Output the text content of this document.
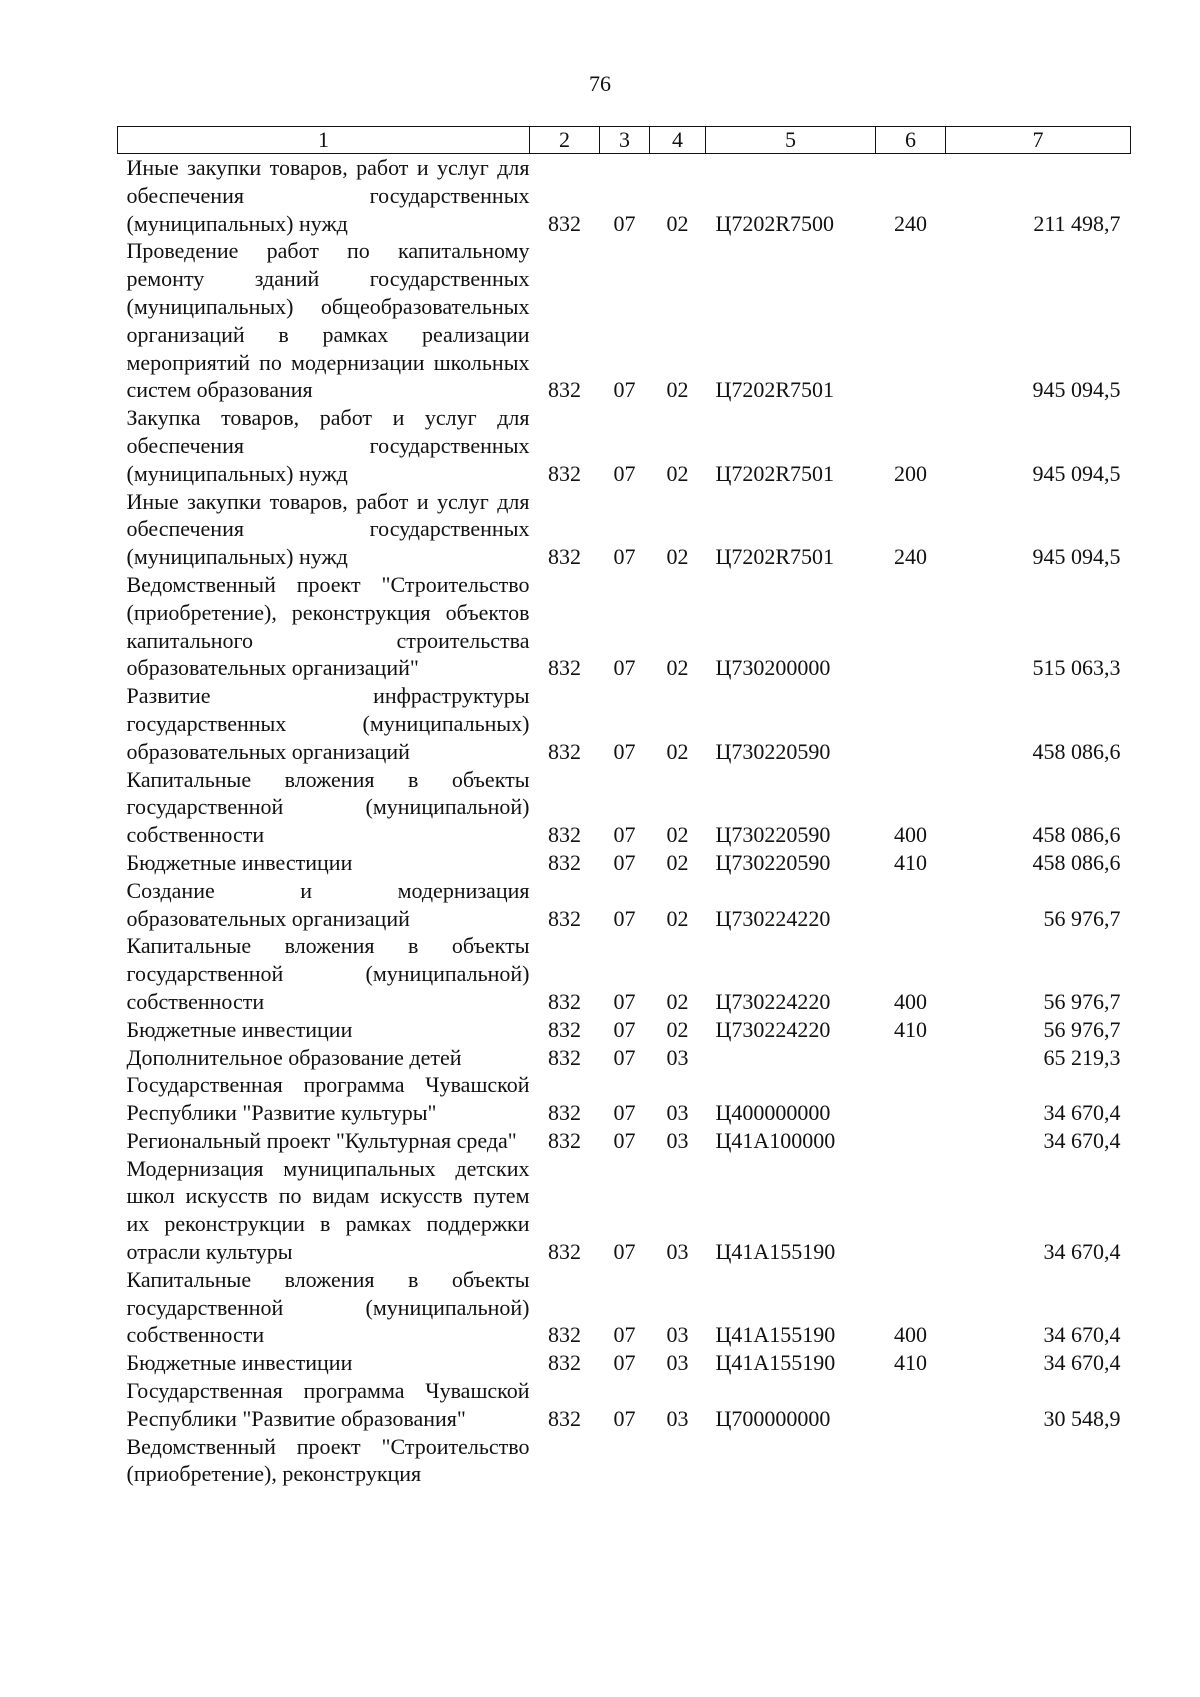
76
1	2	3	4	5	6	7
Иные закупки товаров, работ и услуг для обеспечения государственных (муниципальных) нужд	832	07	02	Ц7202R7500	240	211 498,7
Проведение работ по капитальному ремонту зданий государственных (муниципальных) общеобразовательных организаций в рамках реализации мероприятий по модернизации школьных систем образования	832	07	02	Ц7202R7501		945 094,5
Закупка товаров, работ и услуг для обеспечения государственных (муниципальных) нужд	832	07	02	Ц7202R7501	200	945 094,5
Иные закупки товаров, работ и услуг для обеспечения государственных (муниципальных) нужд	832	07	02	Ц7202R7501	240	945 094,5
Ведомственный проект "Строительство (приобретение), реконструкция объектов капитального строительства образовательных организаций"	832	07	02	Ц730200000		515 063,3
Развитие инфраструктуры государственных (муниципальных) образовательных организаций	832	07	02	Ц730220590		458 086,6
Капитальные вложения в объекты государственной (муниципальной) собственности	832	07	02	Ц730220590	400	458 086,6
Бюджетные инвестиции	832	07	02	Ц730220590	410	458 086,6
Создание и модернизация образовательных организаций	832	07	02	Ц730224220		56 976,7
Капитальные вложения в объекты государственной (муниципальной) собственности	832	07	02	Ц730224220	400	56 976,7
Бюджетные инвестиции	832	07	02	Ц730224220	410	56 976,7
Дополнительное образование детей	832	07	03			65 219,3
Государственная программа Чувашской Республики "Развитие культуры"	832	07	03	Ц400000000		34 670,4
Региональный проект "Культурная среда"	832	07	03	Ц41А100000		34 670,4
Модернизация муниципальных детских школ искусств по видам искусств путем их реконструкции в рамках поддержки отрасли культуры	832	07	03	Ц41А155190		34 670,4
Капитальные вложения в объекты государственной (муниципальной) собственности	832	07	03	Ц41А155190	400	34 670,4
Бюджетные инвестиции	832	07	03	Ц41А155190	410	34 670,4
Государственная программа Чувашской Республики "Развитие образования"	832	07	03	Ц700000000		30 548,9
Ведомственный проект "Строительство (приобретение), реконструкция						
